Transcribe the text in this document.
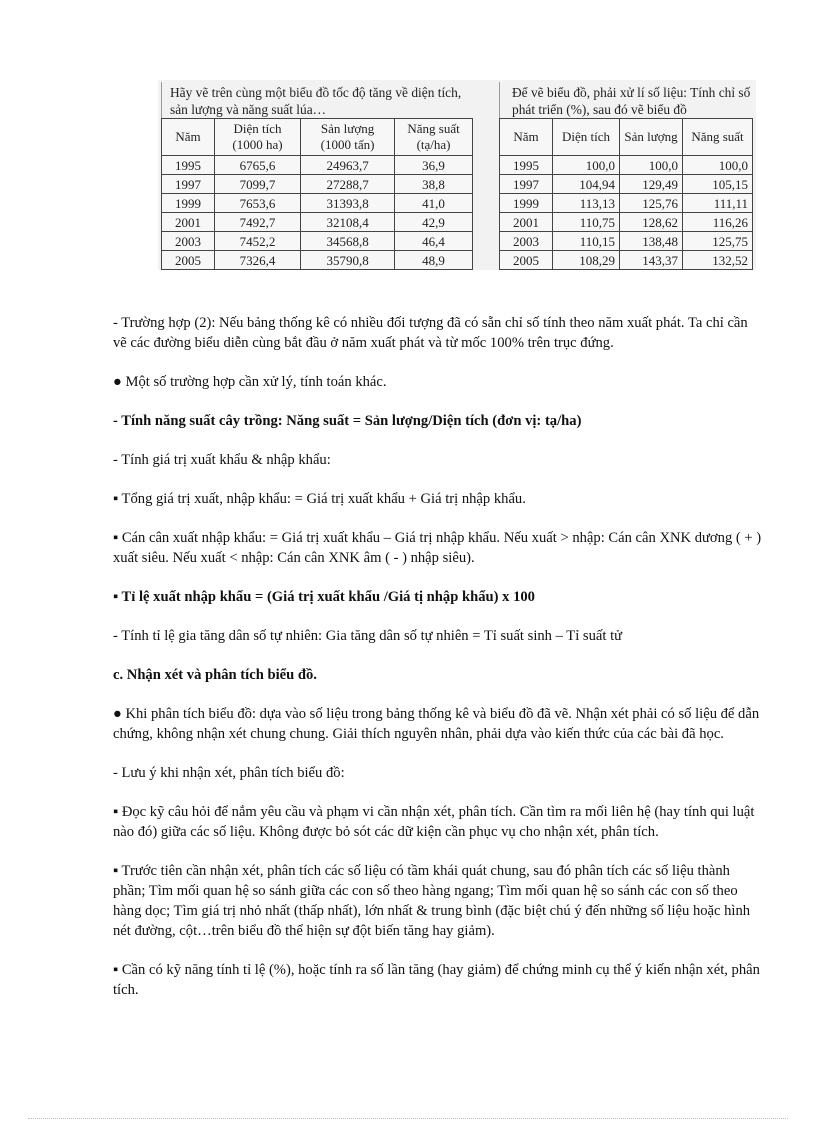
Hãy vẽ trên cùng một biểu đồ tốc độ tăng về diện tích, sản lượng và năng suất lúa…
Năm	Diện tích (1000 ha)	Sản lượng (1000 tấn)	Năng suất (tạ/ha)
1995	6765,6	24963,7	36,9
1997	7099,7	27288,7	38,8
1999	7653,6	31393,8	41,0
2001	7492,7	32108,4	42,9
2003	7452,2	34568,8	46,4
2005	7326,4	35790,8	48,9
Để vẽ biểu đồ, phải xử lí số liệu: Tính chỉ số phát triển (%), sau đó vẽ biểu đồ
Năm	Diện tích	Sản lượng	Năng suất
1995	100,0	100,0	100,0
1997	104,94	129,49	105,15
1999	113,13	125,76	111,11
2001	110,75	128,62	116,26
2003	110,15	138,48	125,75
2005	108,29	143,37	132,52

- Trường hợp (2): Nếu bảng thống kê có nhiều đối tượng đã có sẵn chỉ số tính theo năm xuất phát. Ta chỉ cần vẽ các đường biểu diễn cùng bắt đầu ở năm xuất phát và từ mốc 100% trên trục đứng.

● Một số trường hợp cần xử lý, tính toán khác.

- Tính năng suất cây trồng: Năng suất = Sản lượng/Diện tích (đơn vị: tạ/ha)

- Tính giá trị xuất khẩu & nhập khẩu:

▪ Tổng giá trị xuất, nhập khẩu: = Giá trị xuất khẩu + Giá trị nhập khẩu.

▪ Cán cân xuất nhập khẩu: = Giá trị xuất khẩu – Giá trị nhập khẩu. Nếu xuất > nhập: Cán cân XNK dương ( + ) xuất siêu. Nếu xuất < nhập: Cán cân XNK âm ( - ) nhập siêu).

▪ Tỉ lệ xuất nhập khẩu = (Giá trị xuất khẩu /Giá tị nhập khẩu) x 100

- Tính tỉ lệ gia tăng dân số tự nhiên: Gia tăng dân số tự nhiên = Tỉ suất sinh – Tỉ suất tử

c. Nhận xét và phân tích biểu đồ.

● Khi phân tích biểu đồ: dựa vào số liệu trong bảng thống kê và biểu đồ đã vẽ. Nhận xét phải có số liệu để dẫn chứng, không nhận xét chung chung. Giải thích nguyên nhân, phải dựa vào kiến thức của các bài đã học.

- Lưu ý khi nhận xét, phân tích biểu đồ:

▪ Đọc kỹ câu hỏi để nắm yêu cầu và phạm vi cần nhận xét, phân tích. Cần tìm ra mối liên hệ (hay tính qui luật nào đó) giữa các số liệu. Không được bỏ sót các dữ kiện cần phục vụ cho nhận xét, phân tích.

▪ Trước tiên cần nhận xét, phân tích các số liệu có tầm khái quát chung, sau đó phân tích các số liệu thành phần; Tìm mối quan hệ so sánh giữa các con số theo hàng ngang; Tìm mối quan hệ so sánh các con số theo hàng dọc; Tìm giá trị nhỏ nhất (thấp nhất), lớn nhất & trung bình (đặc biệt chú ý đến những số liệu hoặc hình nét đường, cột…trên biểu đồ thể hiện sự đột biến tăng hay giảm).

▪ Cần có kỹ năng tính tỉ lệ (%), hoặc tính ra số lần tăng (hay giảm) để chứng minh cụ thể ý kiến nhận xét, phân tích.
